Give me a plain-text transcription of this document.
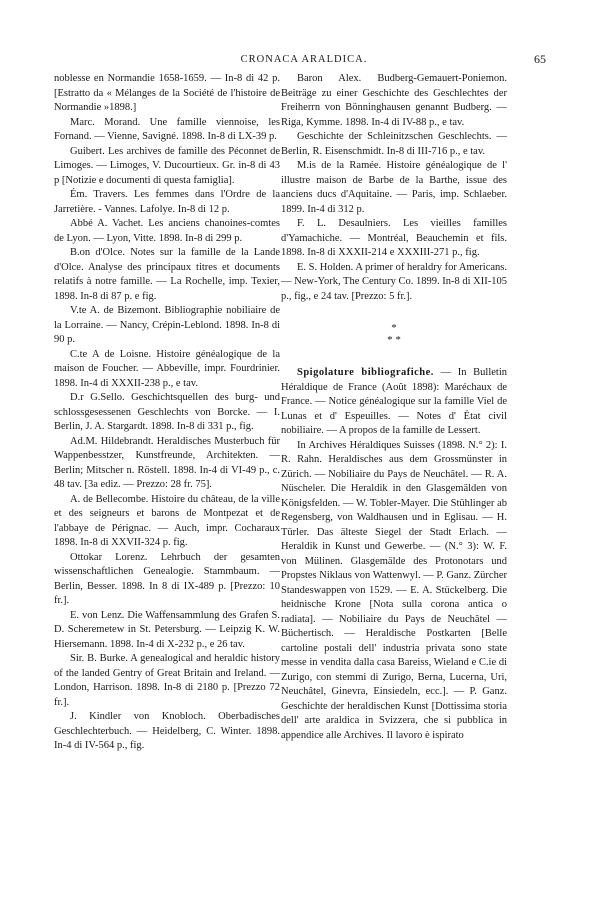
CRONACA ARALDICA.	65

noblesse en Normandie 1658-1659. — In-8 di 42 p. [Estratto da « Mélanges de la Société de l'histoire de Normandie »1898.]

Marc. Morand. Une famille viennoise, les Fornand. — Vienne, Savigné. 1898. In-8 di LX-39 p.

Guibert. Les archives de famille des Péconnet de Limoges. — Limoges, V. Ducourtieux. Gr. in-8 di 43 p [Notizie e documenti di questa famiglia].

Ém. Travers. Les femmes dans l'Ordre de la Jarretière. - Vannes. Lafolye. In-8 di 12 p.

Abbé A. Vachet. Les anciens chanoines-comtes de Lyon. — Lyon, Vitte. 1898. In-8 di 299 p.

B.on d'Olce. Notes sur la famille de la Lande d'Olce. Analyse des principaux titres et documents relatifs à notre famille. — La Rochelle, imp. Texier, 1898. In-8 di 87 p. e fig.

V.te A. de Bizemont. Bibliographie nobiliaire de la Lorraine. — Nancy, Crépin-Leblond. 1898. In-8 di 90 p.

C.te A de Loisne. Histoire généalogique de la maison de Foucher. — Abbeville, impr. Fourdrinier. 1898. In-4 di XXXII-238 p., e tav.

D.r G.Sello. Geschichtsquellen des burg- und schlossgesessenen Geschlechts von Borcke. — I. Berlin, J. A. Stargardt. 1898. In-8 di 331 p., fig.

Ad.M. Hildebrandt. Heraldisches Musterbuch für Wappenbesstzer, Kunstfreunde, Architekten. — Berlin; Mitscher n. Röstell. 1898. In-4 di VI-49 p., c. 48 tav. [3a ediz. — Prezzo: 28 fr. 75].

A. de Bellecombe. Histoire du château, de la ville et des seigneurs et barons de Montpezat et de l'abbaye de Pérignac. — Auch, impr. Cocharaux 1898. In-8 di XXVII-324 p. fig.

Ottokar Lorenz. Lehrbuch der gesamten wissenschaftlichen Genealogie. Stammbaum. — Berlin, Besser. 1898. In 8 di IX-489 p. [Prezzo: 10 fr.].

E. von Lenz. Die Waffensammlung des Grafen S. D. Scheremetew in St. Petersburg. — Leipzig K. W. Hiersemann. 1898. In-4 di X-232 p., e 26 tav.

Sir. B. Burke. A genealogical and heraldic history of the landed Gentry of Great Britain and Ireland. — London, Harrison. 1898. In-8 di 2180 p. [Prezzo 72 fr.].

J. Kindler von Knobloch. Oberbadisches Geschlechterbuch. — Heidelberg, C. Winter. 1898. In-4 di IV-564 p., fig.

Baron Alex. Budberg-Gemauert-Poniemon. Beiträge zu einer Geschichte des Geschlechtes der Freiherrn von Bönninghausen genannt Budberg. — Riga, Kymme. 1898. In-4 di IV-88 p., e tav.

Geschichte der Schleinitzschen Geschlechts. — Berlin, R. Eisenschmidt. In-8 di III-716 p., e tav.

M.is de la Ramée. Histoire généalogique de l' illustre maison de Barbe de la Barthe, issue des anciens ducs d'Aquitaine. — Paris, imp. Schlaeber. 1899. In-4 di 312 p.

F. L. Desaulniers. Les vieilles familles d'Yamachiche. — Montréal, Beauchemin et fils. 1898. In-8 di XXXII-214 e XXXIII-271 p., fig.

E. S. Holden. A primer of heraldry for Americans. — New-York, The Century Co. 1899. In-8 di XII-105 p., fig., e 24 tav. [Prezzo: 5 fr.].

*
* *

Spigolature bibliografiche. — In Bulletin Héraldique de France (Août 1898): Maréchaux de France. — Notice généalogique sur la famille Viel de Lunas et d' Espeuilles. — Notes d' État civil nobiliaire. — A propos de la famille de Lessert.

In Archives Héraldiques Suisses (1898. N.° 2): I. R. Rahn. Heraldisches aus dem Grossmünster in Zürich. — Nobiliaire du Pays de Neuchâtel. — R. A. Nüscheler. Die Heraldik in den Glasgemälden von Königsfelden. — W. Tobler-Mayer. Die Stühlinger ab Regensberg, von Waldhausen und in Eglisau. — H. Türler. Das älteste Siegel der Stadt Erlach. — Heraldik in Kunst und Gewerbe. — (N.° 3): W. F. von Mülinen. Glasgemälde des Protonotars und Propstes Niklaus von Wattenwyl. — P. Ganz. Zürcher Standeswappen von 1529. — E. A. Stückelberg. Die heidnische Krone [Nota sulla corona antica o radiata]. — Nobiliaire du Pays de Neuchâtel — Büchertisch. — Heraldische Postkarten [Belle cartoline postali dell' industria privata sono state messe in vendita dalla casa Bareiss, Wieland e C.ie di Zurigo, con stemmi di Zurigo, Berna, Lucerna, Uri, Neuchâtel, Ginevra, Einsiedeln, ecc.]. — P. Ganz. Geschichte der heraldischen Kunst [Dottissima storia dell' arte araldica in Svizzera, che si pubblica in appendice alle Archives. Il lavoro è ispirato
